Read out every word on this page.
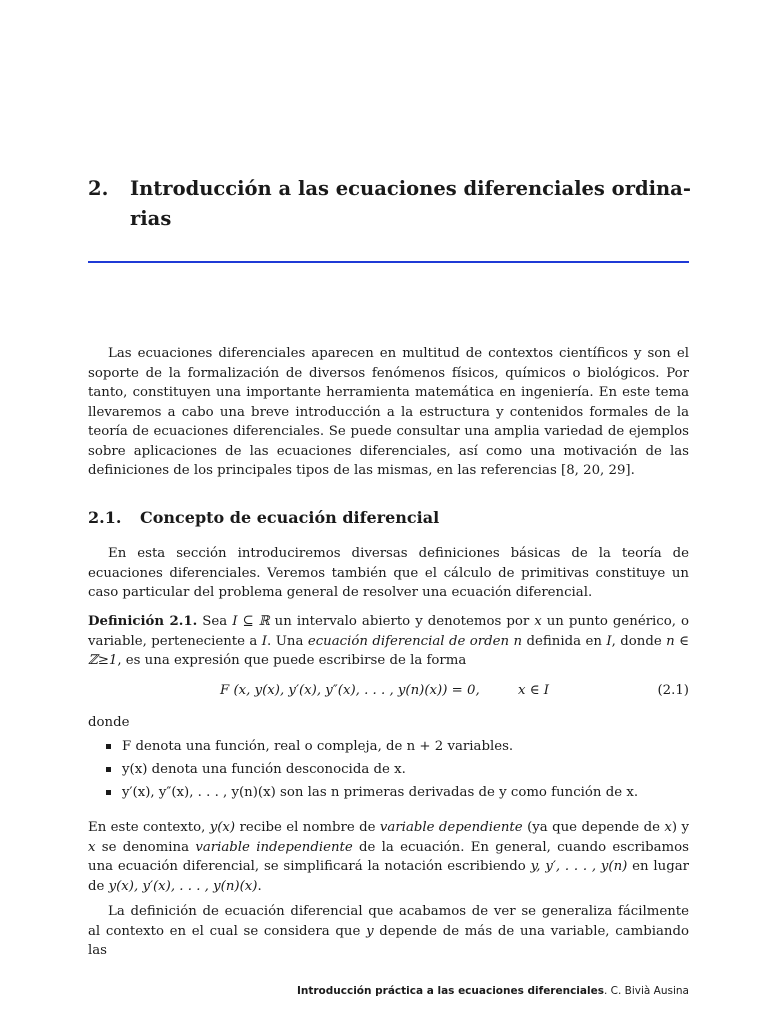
2. Introducción a las ecuaciones diferenciales ordina-rias

Las ecuaciones diferenciales aparecen en multitud de contextos científicos y son el soporte de la formalización de diversos fenómenos físicos, químicos o biológicos. Por tanto, constituyen una importante herramienta matemática en ingeniería. En este tema llevaremos a cabo una breve introducción a la estructura y contenidos formales de la teoría de ecuaciones diferenciales. Se puede consultar una amplia variedad de ejemplos sobre aplicaciones de las ecuaciones diferenciales, así como una motivación de las definiciones de los principales tipos de las mismas, en las referencias [8, 20, 29].

2.1. Concepto de ecuación diferencial

En esta sección introduciremos diversas definiciones básicas de la teoría de ecuaciones diferenciales. Veremos también que el cálculo de primitivas constituye un caso particular del problema general de resolver una ecuación diferencial.

Definición 2.1. Sea I ⊆ ℝ un intervalo abierto y denotemos por x un punto genérico, o variable, perteneciente a I. Una ecuación diferencial de orden n definida en I, donde n ∈ ℤ≥1, es una expresión que puede escribirse de la forma

F (x, y(x), y′(x), y″(x), . . . , y(n)(x)) = 0,	x ∈ I	(2.1)

donde

F denota una función, real o compleja, de n + 2 variables.
y(x) denota una función desconocida de x.
y′(x), y″(x), . . . , y(n)(x) son las n primeras derivadas de y como función de x.

En este contexto, y(x) recibe el nombre de variable dependiente (ya que depende de x) y x se denomina variable independiente de la ecuación. En general, cuando escribamos una ecuación diferencial, se simplificará la notación escribiendo y, y′, . . . , y(n) en lugar de y(x), y′(x), . . . , y(n)(x).

La definición de ecuación diferencial que acabamos de ver se generaliza fácilmente al contexto en el cual se considera que y depende de más de una variable, cambiando las

Introducción práctica a las ecuaciones diferenciales. C. Bivià Ausina
